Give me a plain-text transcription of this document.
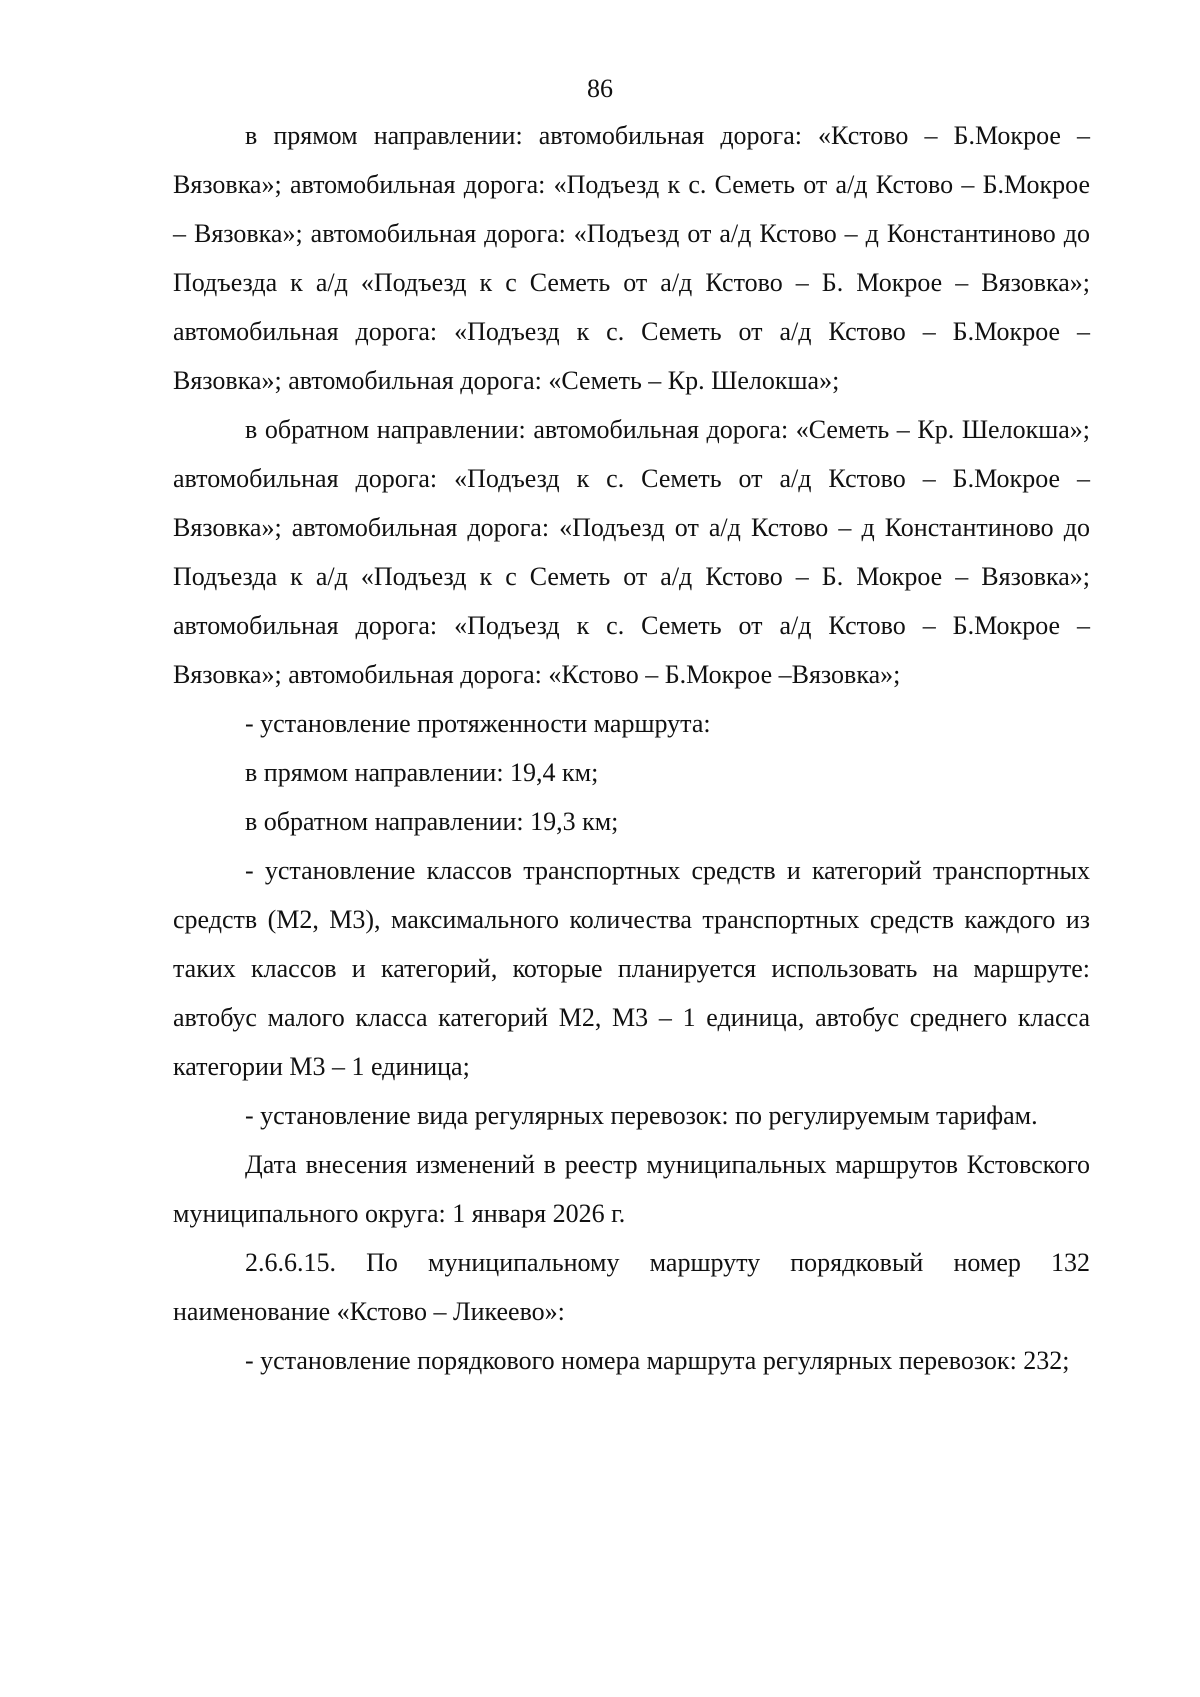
86

в прямом направлении: автомобильная дорога: «Кстово – Б.Мокрое –Вязовка»; автомобильная дорога: «Подъезд к с. Семеть от а/д Кстово – Б.Мокрое – Вязовка»; автомобильная дорога: «Подъезд от а/д Кстово – д Константиново до Подъезда к а/д «Подъезд к с Семеть от а/д Кстово – Б. Мокрое – Вязовка»; автомобильная дорога: «Подъезд к с. Семеть от а/д Кстово – Б.Мокрое – Вязовка»; автомобильная дорога: «Семеть – Кр. Шелокша»;

в обратном направлении: автомобильная дорога: «Семеть – Кр. Шелокша»; автомобильная дорога: «Подъезд к с. Семеть от а/д Кстово – Б.Мокрое – Вязовка»; автомобильная дорога: «Подъезд от а/д Кстово – д Константиново до Подъезда к а/д «Подъезд к с Семеть от а/д Кстово – Б. Мокрое – Вязовка»; автомобильная дорога: «Подъезд к с. Семеть от а/д Кстово – Б.Мокрое – Вязовка»; автомобильная дорога: «Кстово – Б.Мокрое –Вязовка»;

- установление протяженности маршрута:

в прямом направлении: 19,4 км;

в обратном направлении: 19,3 км;

- установление классов транспортных средств и категорий транспортных средств (М2, М3), максимального количества транспортных средств каждого из таких классов и категорий, которые планируется использовать на маршруте: автобус малого класса категорий М2, М3 – 1 единица, автобус среднего класса категории М3 – 1 единица;

- установление вида регулярных перевозок: по регулируемым тарифам.

Дата внесения изменений в реестр муниципальных маршрутов Кстовского муниципального округа: 1 января 2026 г.

2.6.6.15. По муниципальному маршруту порядковый номер 132 наименование «Кстово – Ликеево»:

- установление порядкового номера маршрута регулярных перевозок: 232;
